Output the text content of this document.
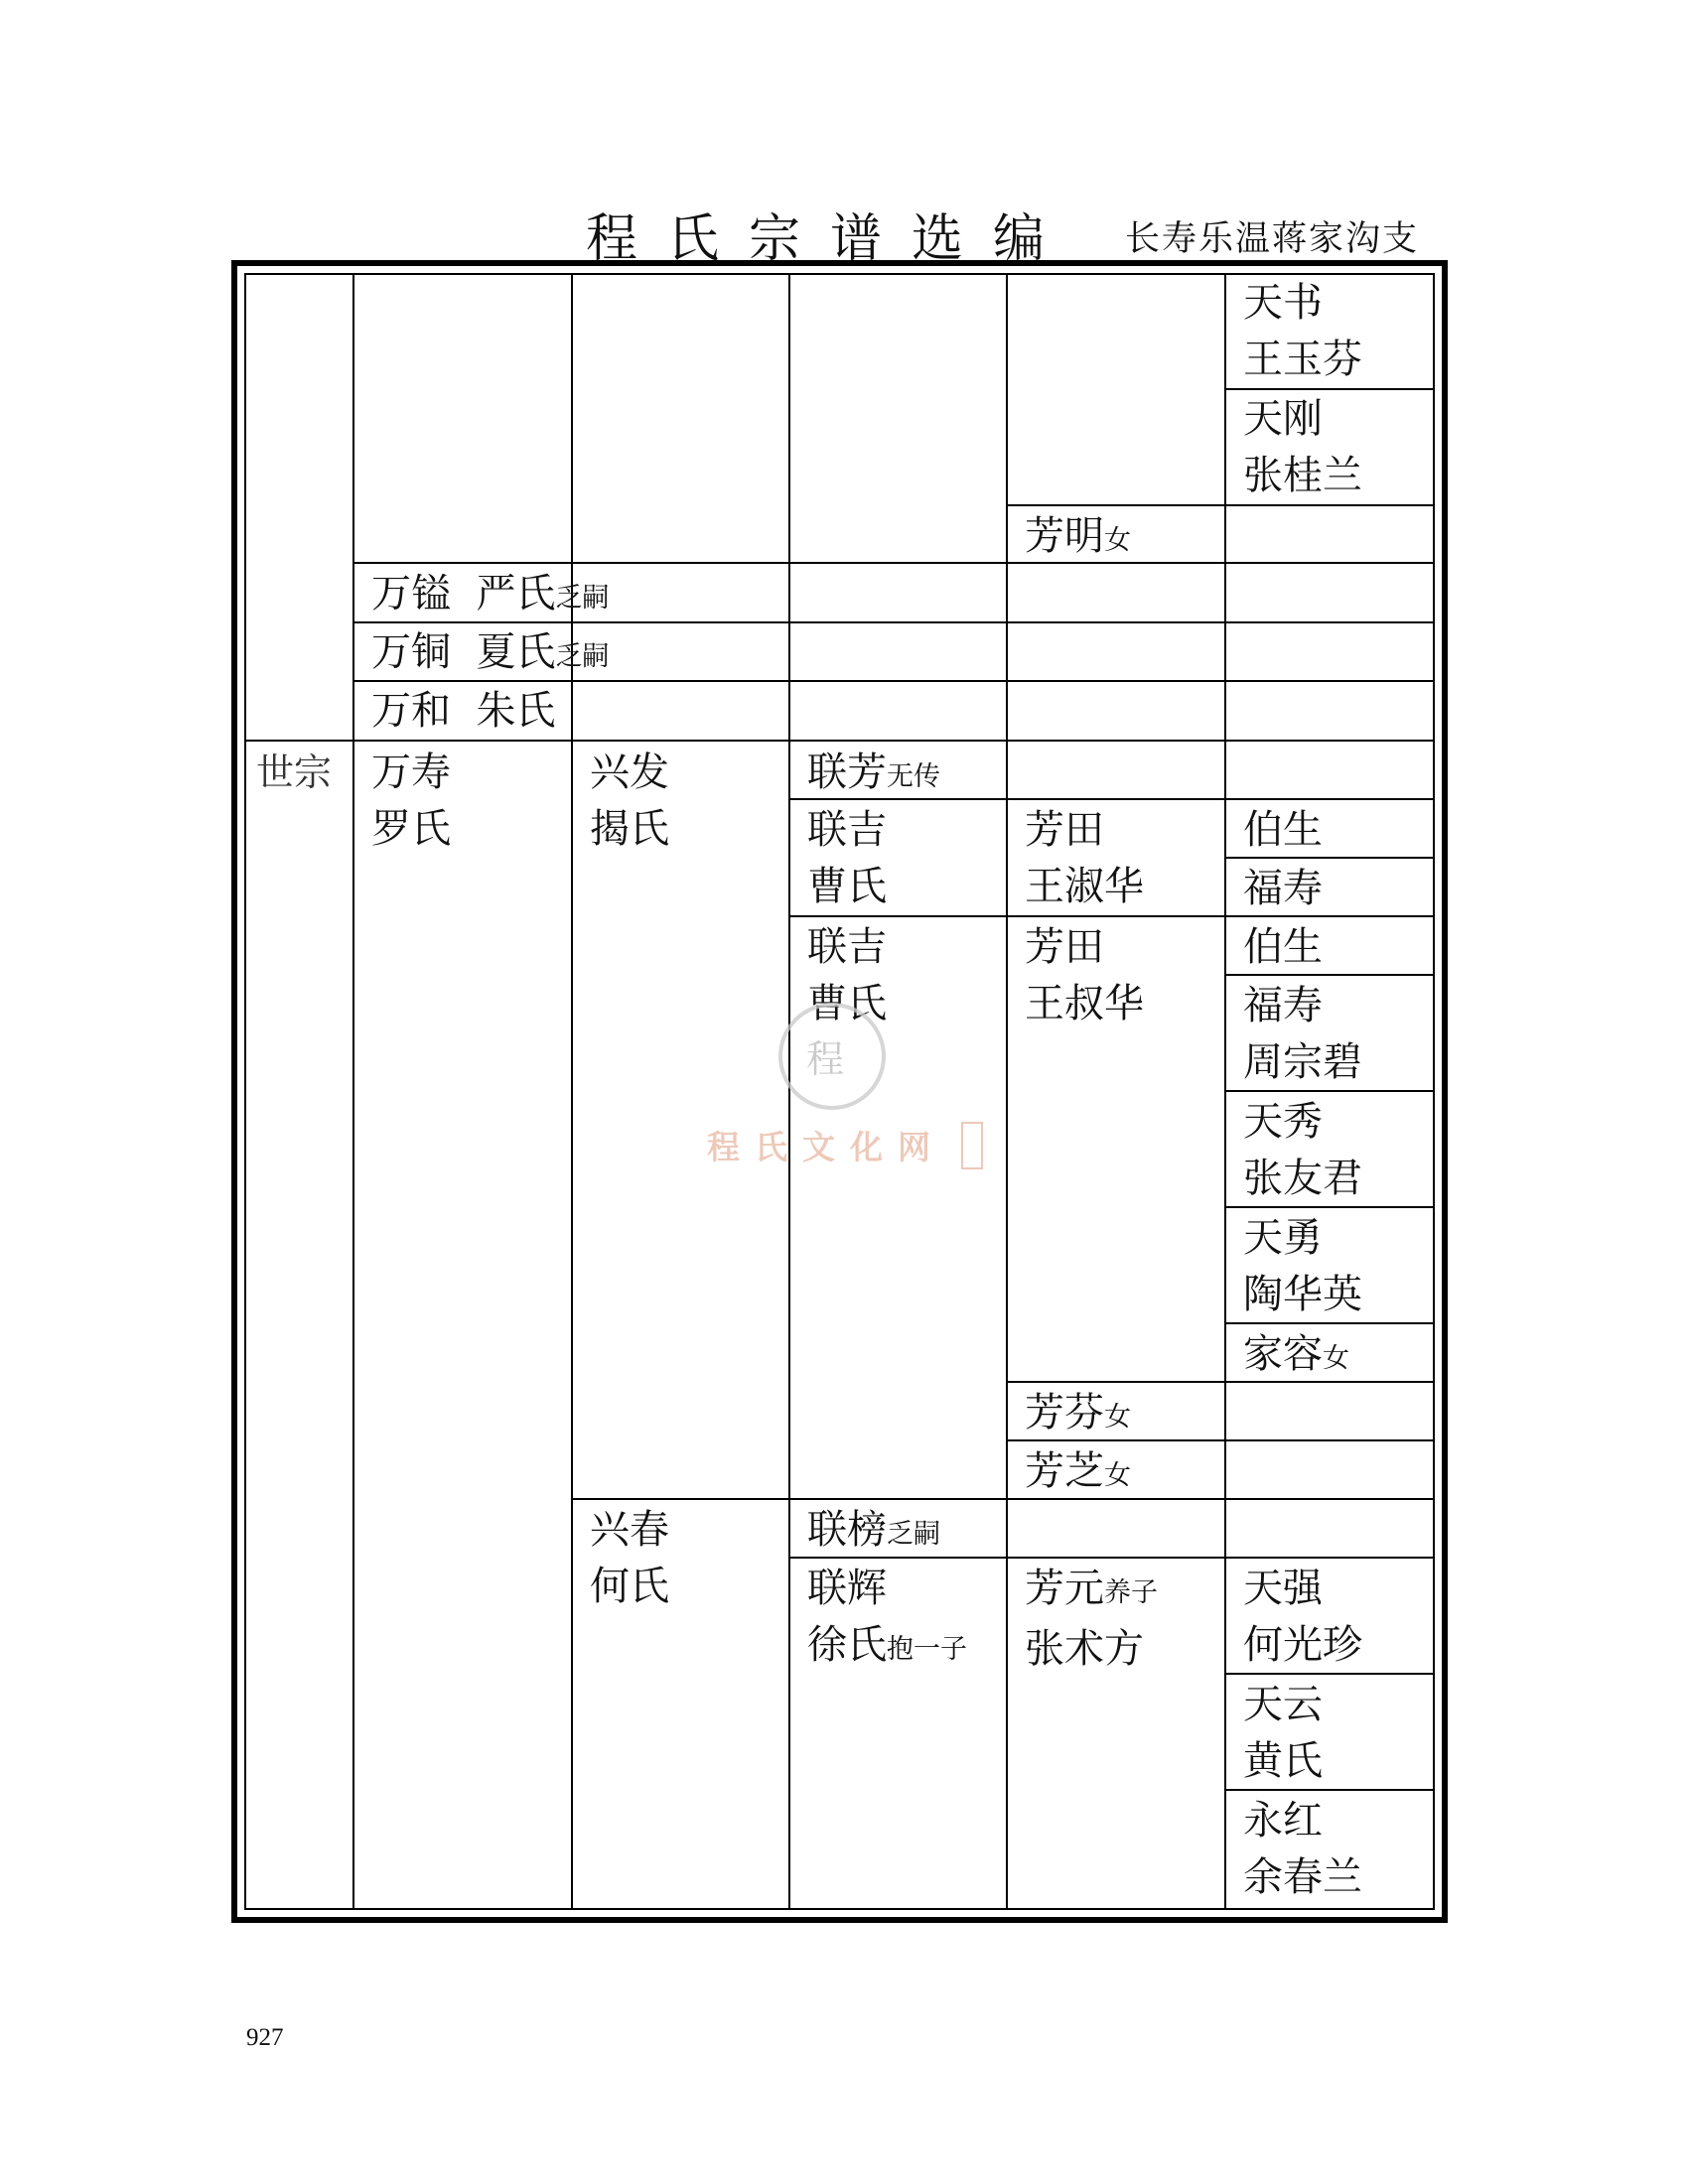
程氏宗谱选编 长寿乐温蒋家沟支
世宗
万镒 严氏乏嗣
万铜 夏氏乏嗣
万和 朱氏
万寿
罗氏
兴发
揭氏
兴春
何氏
联芳无传
联吉
曹氏
联吉
曹氏
联榜乏嗣
联辉
徐氏抱一子
芳明女
芳田
王淑华
芳田
王叔华
芳芬女
芳芝女
芳元养子
张术方
天书
王玉芬
天刚
张桂兰
伯生
福寿
伯生
福寿
周宗碧
天秀
张友君
天勇
陶华英
家容女
天强
何光珍
天云
黄氏
永红
余春兰
程
程氏文化网
927
